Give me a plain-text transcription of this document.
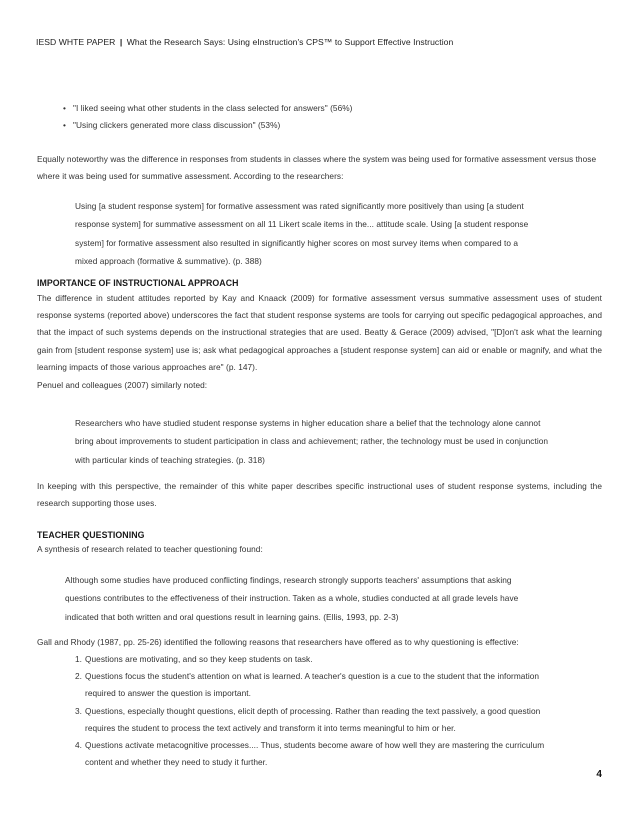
IESD WHTE PAPER | What the Research Says: Using eInstruction's CPS™ to Support Effective Instruction
• "I liked seeing what other students in the class selected for answers" (56%)
• "Using clickers generated more class discussion" (53%)

Equally noteworthy was the difference in responses from students in classes where the system was being used for formative assessment versus those where it was being used for summative assessment. According to the researchers:

Using [a student response system] for formative assessment was rated significantly more positively than using [a student response system] for summative assessment on all 11 Likert scale items in the... attitude scale. Using [a student response system] for formative assessment also resulted in significantly higher scores on most survey items when compared to a mixed approach (formative & summative). (p. 388)

IMPORTANCE OF INSTRUCTIONAL APPROACH

The difference in student attitudes reported by Kay and Knaack (2009) for formative assessment versus summative assessment uses of student response systems (reported above) underscores the fact that student response systems are tools for carrying out specific pedagogical approaches, and that the impact of such systems depends on the instructional strategies that are used. Beatty & Gerace (2009) advised, "[D]on't ask what the learning gain from [student response system] use is; ask what pedagogical approaches a [student response system] can aid or enable or magnify, and what the learning impacts of those various approaches are" (p. 147).

Penuel and colleagues (2007) similarly noted:

Researchers who have studied student response systems in higher education share a belief that the technology alone cannot bring about improvements to student participation in class and achievement; rather, the technology must be used in conjunction with particular kinds of teaching strategies. (p. 318)

In keeping with this perspective, the remainder of this white paper describes specific instructional uses of student response systems, including the research supporting those uses.

TEACHER QUESTIONING

A synthesis of research related to teacher questioning found:

Although some studies have produced conflicting findings, research strongly supports teachers' assumptions that asking questions contributes to the effectiveness of their instruction. Taken as a whole, studies conducted at all grade levels have indicated that both written and oral questions result in learning gains. (Ellis, 1993, pp. 2-3)

Gall and Rhody (1987, pp. 25-26) identified the following reasons that researchers have offered as to why questioning is effective:

1. Questions are motivating, and so they keep students on task.
2. Questions focus the student's attention on what is learned. A teacher's question is a cue to the student that the information required to answer the question is important.
3. Questions, especially thought questions, elicit depth of processing. Rather than reading the text passively, a good question requires the student to process the text actively and transform it into terms meaningful to him or her.
4. Questions activate metacognitive processes.... Thus, students become aware of how well they are mastering the curriculum content and whether they need to study it further.
4
